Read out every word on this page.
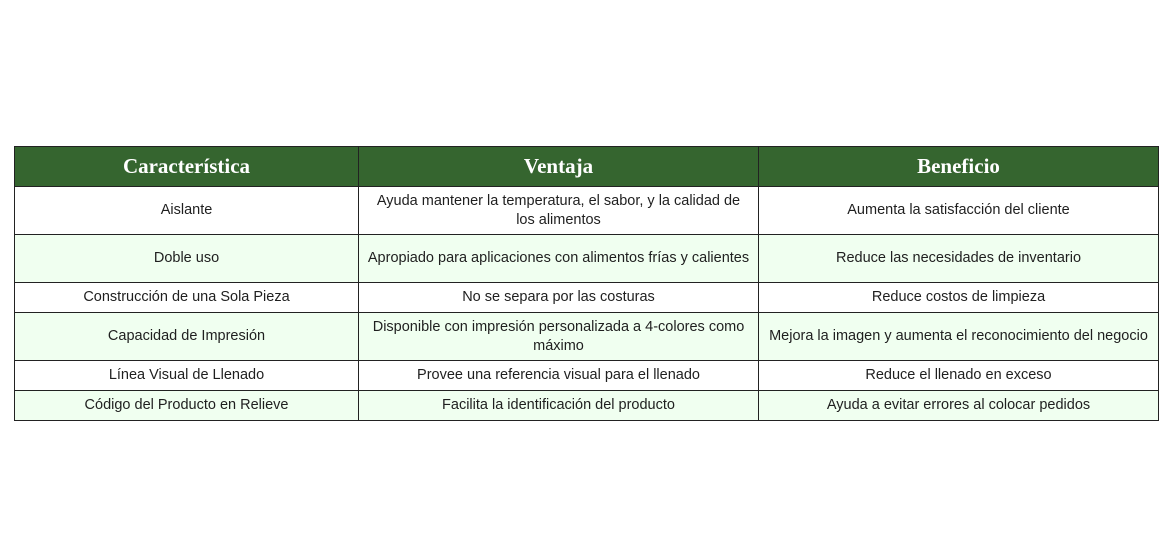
Característica	Ventaja	Beneficio
Aislante	Ayuda mantener la temperatura, el sabor, y la calidad de los alimentos	Aumenta la satisfacción del cliente
Doble uso	Apropiado para aplicaciones con alimentos frías y calientes	Reduce las necesidades de inventario
Construcción de una Sola Pieza	No se separa por las costuras	Reduce costos de limpieza
Capacidad de Impresión	Disponible con impresión personalizada a 4-colores como máximo	Mejora la imagen y aumenta el reconocimiento del negocio
Línea Visual de Llenado	Provee una referencia visual para el llenado	Reduce el llenado en exceso
Código del Producto en Relieve	Facilita la identificación del producto	Ayuda a evitar errores al colocar pedidos
